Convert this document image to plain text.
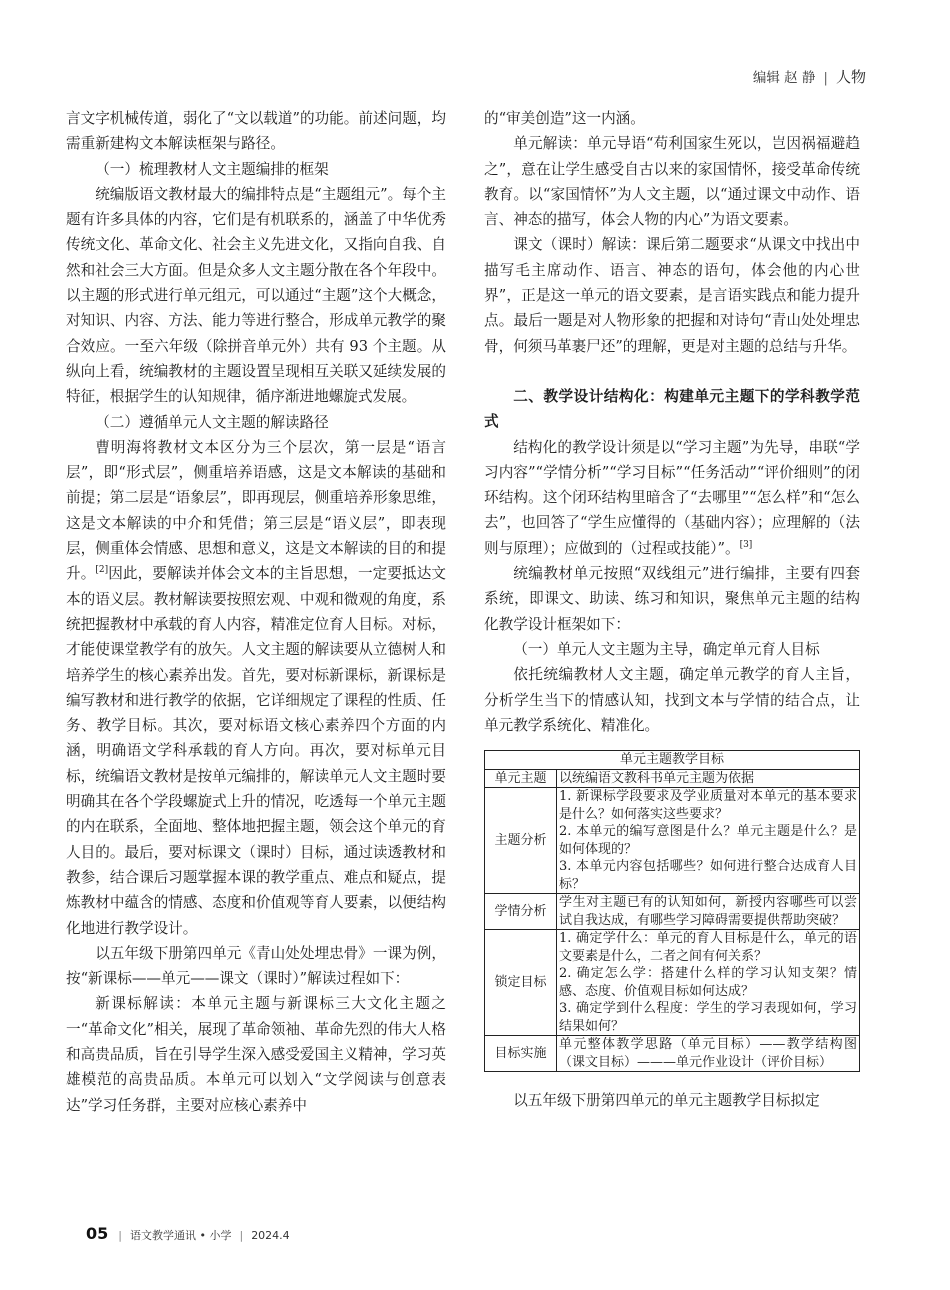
编辑 赵 静 | 人物

言文字机械传道，弱化了“文以载道”的功能。前述问题，均需重新建构文本解读框架与路径。

（一）梳理教材人文主题编排的框架

统编版语文教材最大的编排特点是“主题组元”。每个主题有许多具体的内容，它们是有机联系的，涵盖了中华优秀传统文化、革命文化、社会主义先进文化，又指向自我、自然和社会三大方面。但是众多人文主题分散在各个年段中。以主题的形式进行单元组元，可以通过“主题”这个大概念，对知识、内容、方法、能力等进行整合，形成单元教学的聚合效应。一至六年级（除拼音单元外）共有 93 个主题。从纵向上看，统编教材的主题设置呈现相互关联又延续发展的特征，根据学生的认知规律，循序渐进地螺旋式发展。

（二）遵循单元人文主题的解读路径

曹明海将教材文本区分为三个层次，第一层是“语言层”，即“形式层”，侧重培养语感，这是文本解读的基础和前提；第二层是“语象层”，即再现层，侧重培养形象思维，这是文本解读的中介和凭借；第三层是“语义层”，即表现层，侧重体会情感、思想和意义，这是文本解读的目的和提升。[2]因此，要解读并体会文本的主旨思想，一定要抵达文本的语义层。教材解读要按照宏观、中观和微观的角度，系统把握教材中承载的育人内容，精准定位育人目标。对标，才能使课堂教学有的放矢。人文主题的解读要从立德树人和培养学生的核心素养出发。首先，要对标新课标，新课标是编写教材和进行教学的依据，它详细规定了课程的性质、任务、教学目标。其次，要对标语文核心素养四个方面的内涵，明确语文学科承载的育人方向。再次，要对标单元目标，统编语文教材是按单元编排的，解读单元人文主题时要明确其在各个学段螺旋式上升的情况，吃透每一个单元主题的内在联系，全面地、整体地把握主题，领会这个单元的育人目的。最后，要对标课文（课时）目标，通过读透教材和教参，结合课后习题掌握本课的教学重点、难点和疑点，提炼教材中蕴含的情感、态度和价值观等育人要素，以便结构化地进行教学设计。

以五年级下册第四单元《青山处处埋忠骨》一课为例，按“新课标——单元——课文（课时）”解读过程如下：

新课标解读：本单元主题与新课标三大文化主题之一“革命文化”相关，展现了革命领袖、革命先烈的伟大人格和高贵品质，旨在引导学生深入感受爱国主义精神，学习英雄模范的高贵品质。本单元可以划入“文学阅读与创意表达”学习任务群，主要对应核心素养中

的“审美创造”这一内涵。

单元解读：单元导语“苟利国家生死以，岂因祸福避趋之”，意在让学生感受自古以来的家国情怀，接受革命传统教育。以“家国情怀”为人文主题，以“通过课文中动作、语言、神态的描写，体会人物的内心”为语文要素。

课文（课时）解读：课后第二题要求“从课文中找出中描写毛主席动作、语言、神态的语句，体会他的内心世界”，正是这一单元的语文要素，是言语实践点和能力提升点。最后一题是对人物形象的把握和对诗句“青山处处埋忠骨，何须马革裹尸还”的理解，更是对主题的总结与升华。

二、教学设计结构化：构建单元主题下的学科教学范式

结构化的教学设计须是以“学习主题”为先导，串联“学习内容”“学情分析”“学习目标”“任务活动”“评价细则”的闭环结构。这个闭环结构里暗含了“去哪里”“怎么样”和“怎么去”，也回答了“学生应懂得的（基础内容）；应理解的（法则与原理）；应做到的（过程或技能）”。[3]

统编教材单元按照“双线组元”进行编排，主要有四套系统，即课文、助读、练习和知识，聚焦单元主题的结构化教学设计框架如下：

（一）单元人文主题为主导，确定单元育人目标

依托统编教材人文主题，确定单元教学的育人主旨，分析学生当下的情感认知，找到文本与学情的结合点，让单元教学系统化、精准化。

单元主题教学目标	
单元主题	以统编语文教科书单元主题为依据

主题分析	1. 新课标学段要求及学业质量对本单元的基本要求是什么？如何落实这些要求？
2. 本单元的编写意图是什么？单元主题是什么？是如何体现的？
3. 本单元内容包括哪些？如何进行整合达成育人目标？

学情分析	学生对主题已有的认知如何，新授内容哪些可以尝试自我达成，有哪些学习障碍需要提供帮助突破？

锁定目标	1. 确定学什么：单元的育人目标是什么，单元的语文要素是什么，二者之间有何关系？
2. 确定怎么学：搭建什么样的学习认知支架？情感、态度、价值观目标如何达成？
3. 确定学到什么程度：学生的学习表现如何，学习结果如何？

目标实施	单元整体教学思路（单元目标）——教学结构图（课文目标）———单元作业设计（评价目标）

以五年级下册第四单元的单元主题教学目标拟定

05 | 语文教学通讯 • 小学 | 2024.4
